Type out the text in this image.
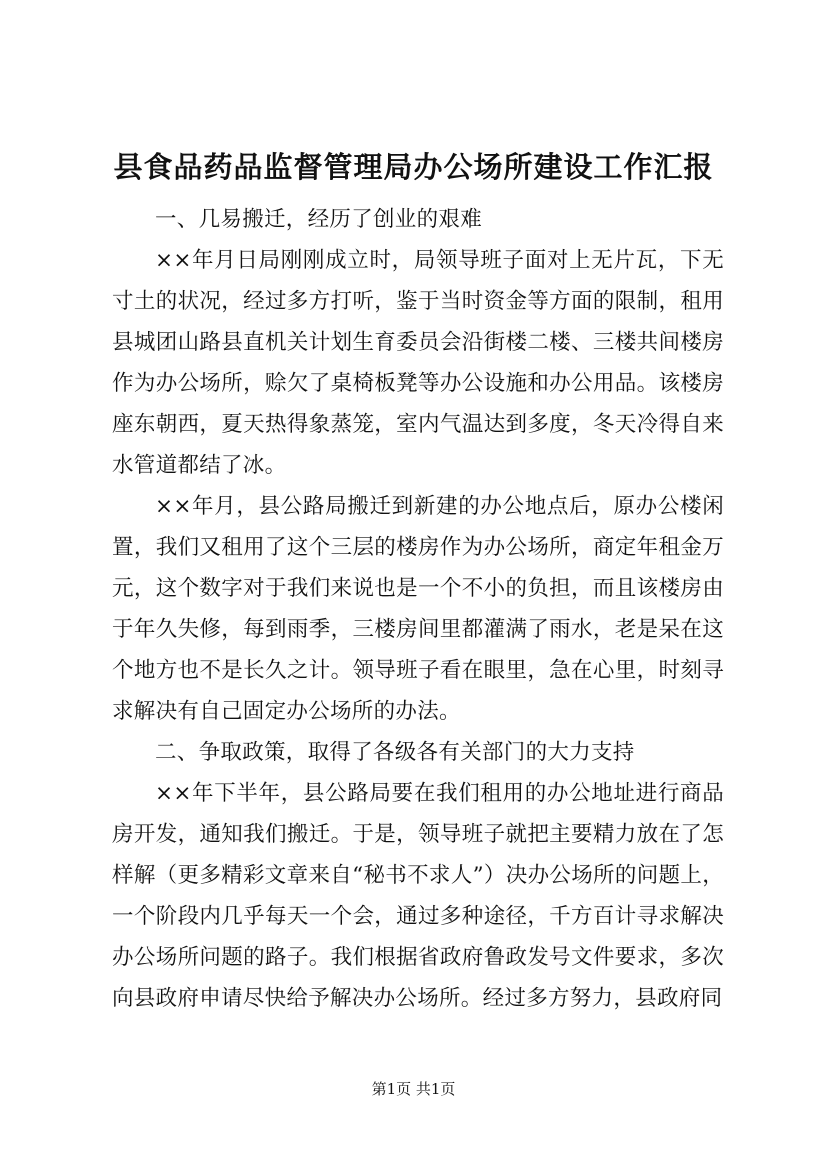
县食品药品监督管理局办公场所建设工作汇报

一、几易搬迁，经历了创业的艰难

××年月日局刚刚成立时，局领导班子面对上无片瓦，下无寸土的状况，经过多方打听，鉴于当时资金等方面的限制，租用县城团山路县直机关计划生育委员会沿街楼二楼、三楼共间楼房作为办公场所，赊欠了桌椅板凳等办公设施和办公用品。该楼房座东朝西，夏天热得象蒸笼，室内气温达到多度，冬天冷得自来水管道都结了冰。

××年月，县公路局搬迁到新建的办公地点后，原办公楼闲置，我们又租用了这个三层的楼房作为办公场所，商定年租金万元，这个数字对于我们来说也是一个不小的负担，而且该楼房由于年久失修，每到雨季，三楼房间里都灌满了雨水，老是呆在这个地方也不是长久之计。领导班子看在眼里，急在心里，时刻寻求解决有自己固定办公场所的办法。

二、争取政策，取得了各级各有关部门的大力支持

××年下半年，县公路局要在我们租用的办公地址进行商品房开发，通知我们搬迁。于是，领导班子就把主要精力放在了怎样解（更多精彩文章来自“秘书不求人”）决办公场所的问题上，一个阶段内几乎每天一个会，通过多种途径，千方百计寻求解决办公场所问题的路子。我们根据省政府鲁政发号文件要求，多次向县政府申请尽快给予解决办公场所。经过多方努力，县政府同

第1页 共1页
